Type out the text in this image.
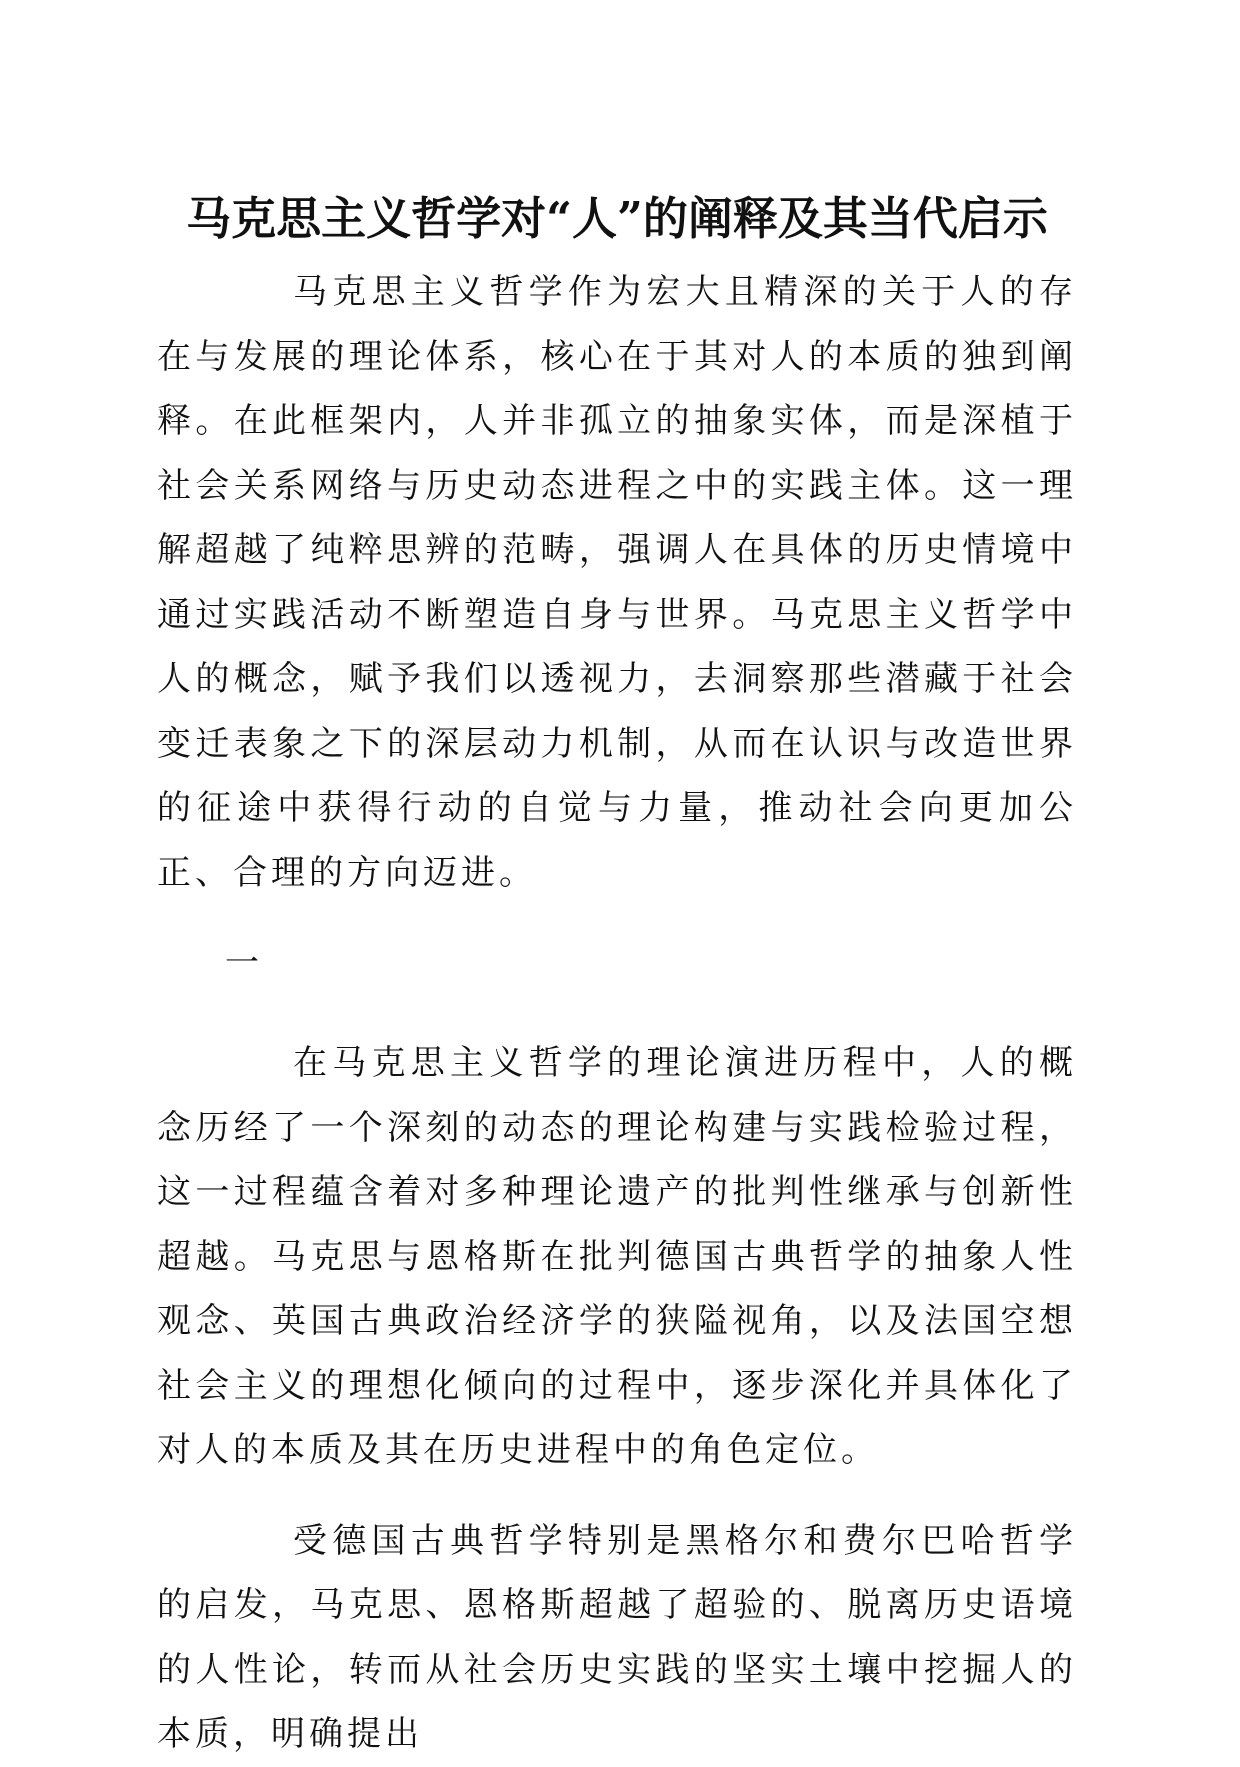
马克思主义哲学对“人”的阐释及其当代启示

马克思主义哲学作为宏大且精深的关于人的存在与发展的理论体系，核心在于其对人的本质的独到阐释。在此框架内，人并非孤立的抽象实体，而是深植于社会关系网络与历史动态进程之中的实践主体。这一理解超越了纯粹思辨的范畴，强调人在具体的历史情境中通过实践活动不断塑造自身与世界。马克思主义哲学中人的概念，赋予我们以透视力，去洞察那些潜藏于社会变迁表象之下的深层动力机制，从而在认识与改造世界的征途中获得行动的自觉与力量，推动社会向更加公正、合理的方向迈进。

一

在马克思主义哲学的理论演进历程中，人的概念历经了一个深刻的动态的理论构建与实践检验过程，这一过程蕴含着对多种理论遗产的批判性继承与创新性超越。马克思与恩格斯在批判德国古典哲学的抽象人性观念、英国古典政治经济学的狭隘视角，以及法国空想社会主义的理想化倾向的过程中，逐步深化并具体化了对人的本质及其在历史进程中的角色定位。

受德国古典哲学特别是黑格尔和费尔巴哈哲学的启发，马克思、恩格斯超越了超验的、脱离历史语境的人性论，转而从社会历史实践的坚实土壤中挖掘人的本质，明确提出
